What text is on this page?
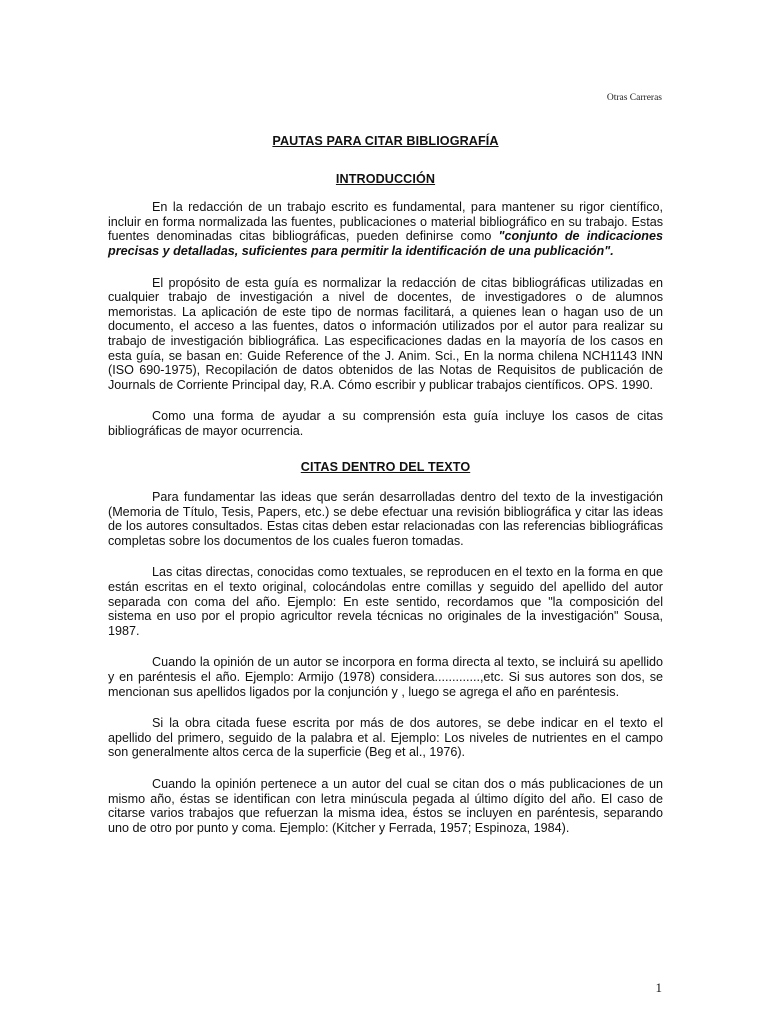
Otras Carreras
PAUTAS PARA CITAR BIBLIOGRAFÍA
INTRODUCCIÓN

En la redacción de un trabajo escrito es fundamental, para mantener su rigor científico, incluir en forma normalizada las fuentes, publicaciones o material bibliográfico en su trabajo. Estas fuentes denominadas citas bibliográficas, pueden definirse como "conjunto de indicaciones precisas y detalladas, suficientes para permitir la identificación de una publicación".

El propósito de esta guía es normalizar la redacción de citas bibliográficas utilizadas en cualquier trabajo de investigación a nivel de docentes, de investigadores o de alumnos memoristas. La aplicación de este tipo de normas facilitará, a quienes lean o hagan uso de un documento, el acceso a las fuentes, datos o información utilizados por el autor para realizar su trabajo de investigación bibliográfica. Las especificaciones dadas en la mayoría de los casos en esta guía, se basan en: Guide Reference of the J. Anim. Sci., En la norma chilena NCH1143 INN (ISO 690-1975), Recopilación de datos obtenidos de las Notas de Requisitos de publicación de Journals de Corriente Principal day, R.A. Cómo escribir y publicar trabajos científicos. OPS. 1990.

Como una forma de ayudar a su comprensión esta guía incluye los casos de citas bibliográficas de mayor ocurrencia.

CITAS DENTRO DEL TEXTO

Para fundamentar las ideas que serán desarrolladas dentro del texto de la investigación (Memoria de Título, Tesis, Papers, etc.) se debe efectuar una revisión bibliográfica y citar las ideas de los autores consultados. Estas citas deben estar relacionadas con las referencias bibliográficas completas sobre los documentos de los cuales fueron tomadas.

Las citas directas, conocidas como textuales, se reproducen en el texto en la forma en que están escritas en el texto original, colocándolas entre comillas y seguido del apellido del autor separada con coma del año. Ejemplo: En este sentido, recordamos que "la composición del sistema en uso por el propio agricultor revela técnicas no originales de la investigación" Sousa, 1987.

Cuando la opinión de un autor se incorpora en forma directa al texto, se incluirá su apellido y en paréntesis el año. Ejemplo: Armijo (1978) considera.............,etc. Si sus autores son dos, se mencionan sus apellidos ligados por la conjunción y , luego se agrega el año en paréntesis.

Si la obra citada fuese escrita por más de dos autores, se debe indicar en el texto el apellido del primero, seguido de la palabra et al. Ejemplo: Los niveles de nutrientes en el campo son generalmente altos cerca de la superficie (Beg et al., 1976).

Cuando la opinión pertenece a un autor del cual se citan dos o más publicaciones de un mismo año, éstas se identifican con letra minúscula pegada al último dígito del año. El caso de citarse varios trabajos que refuerzan la misma idea, éstos se incluyen en paréntesis, separando uno de otro por punto y coma. Ejemplo: (Kitcher y Ferrada, 1957; Espinoza, 1984).

1
